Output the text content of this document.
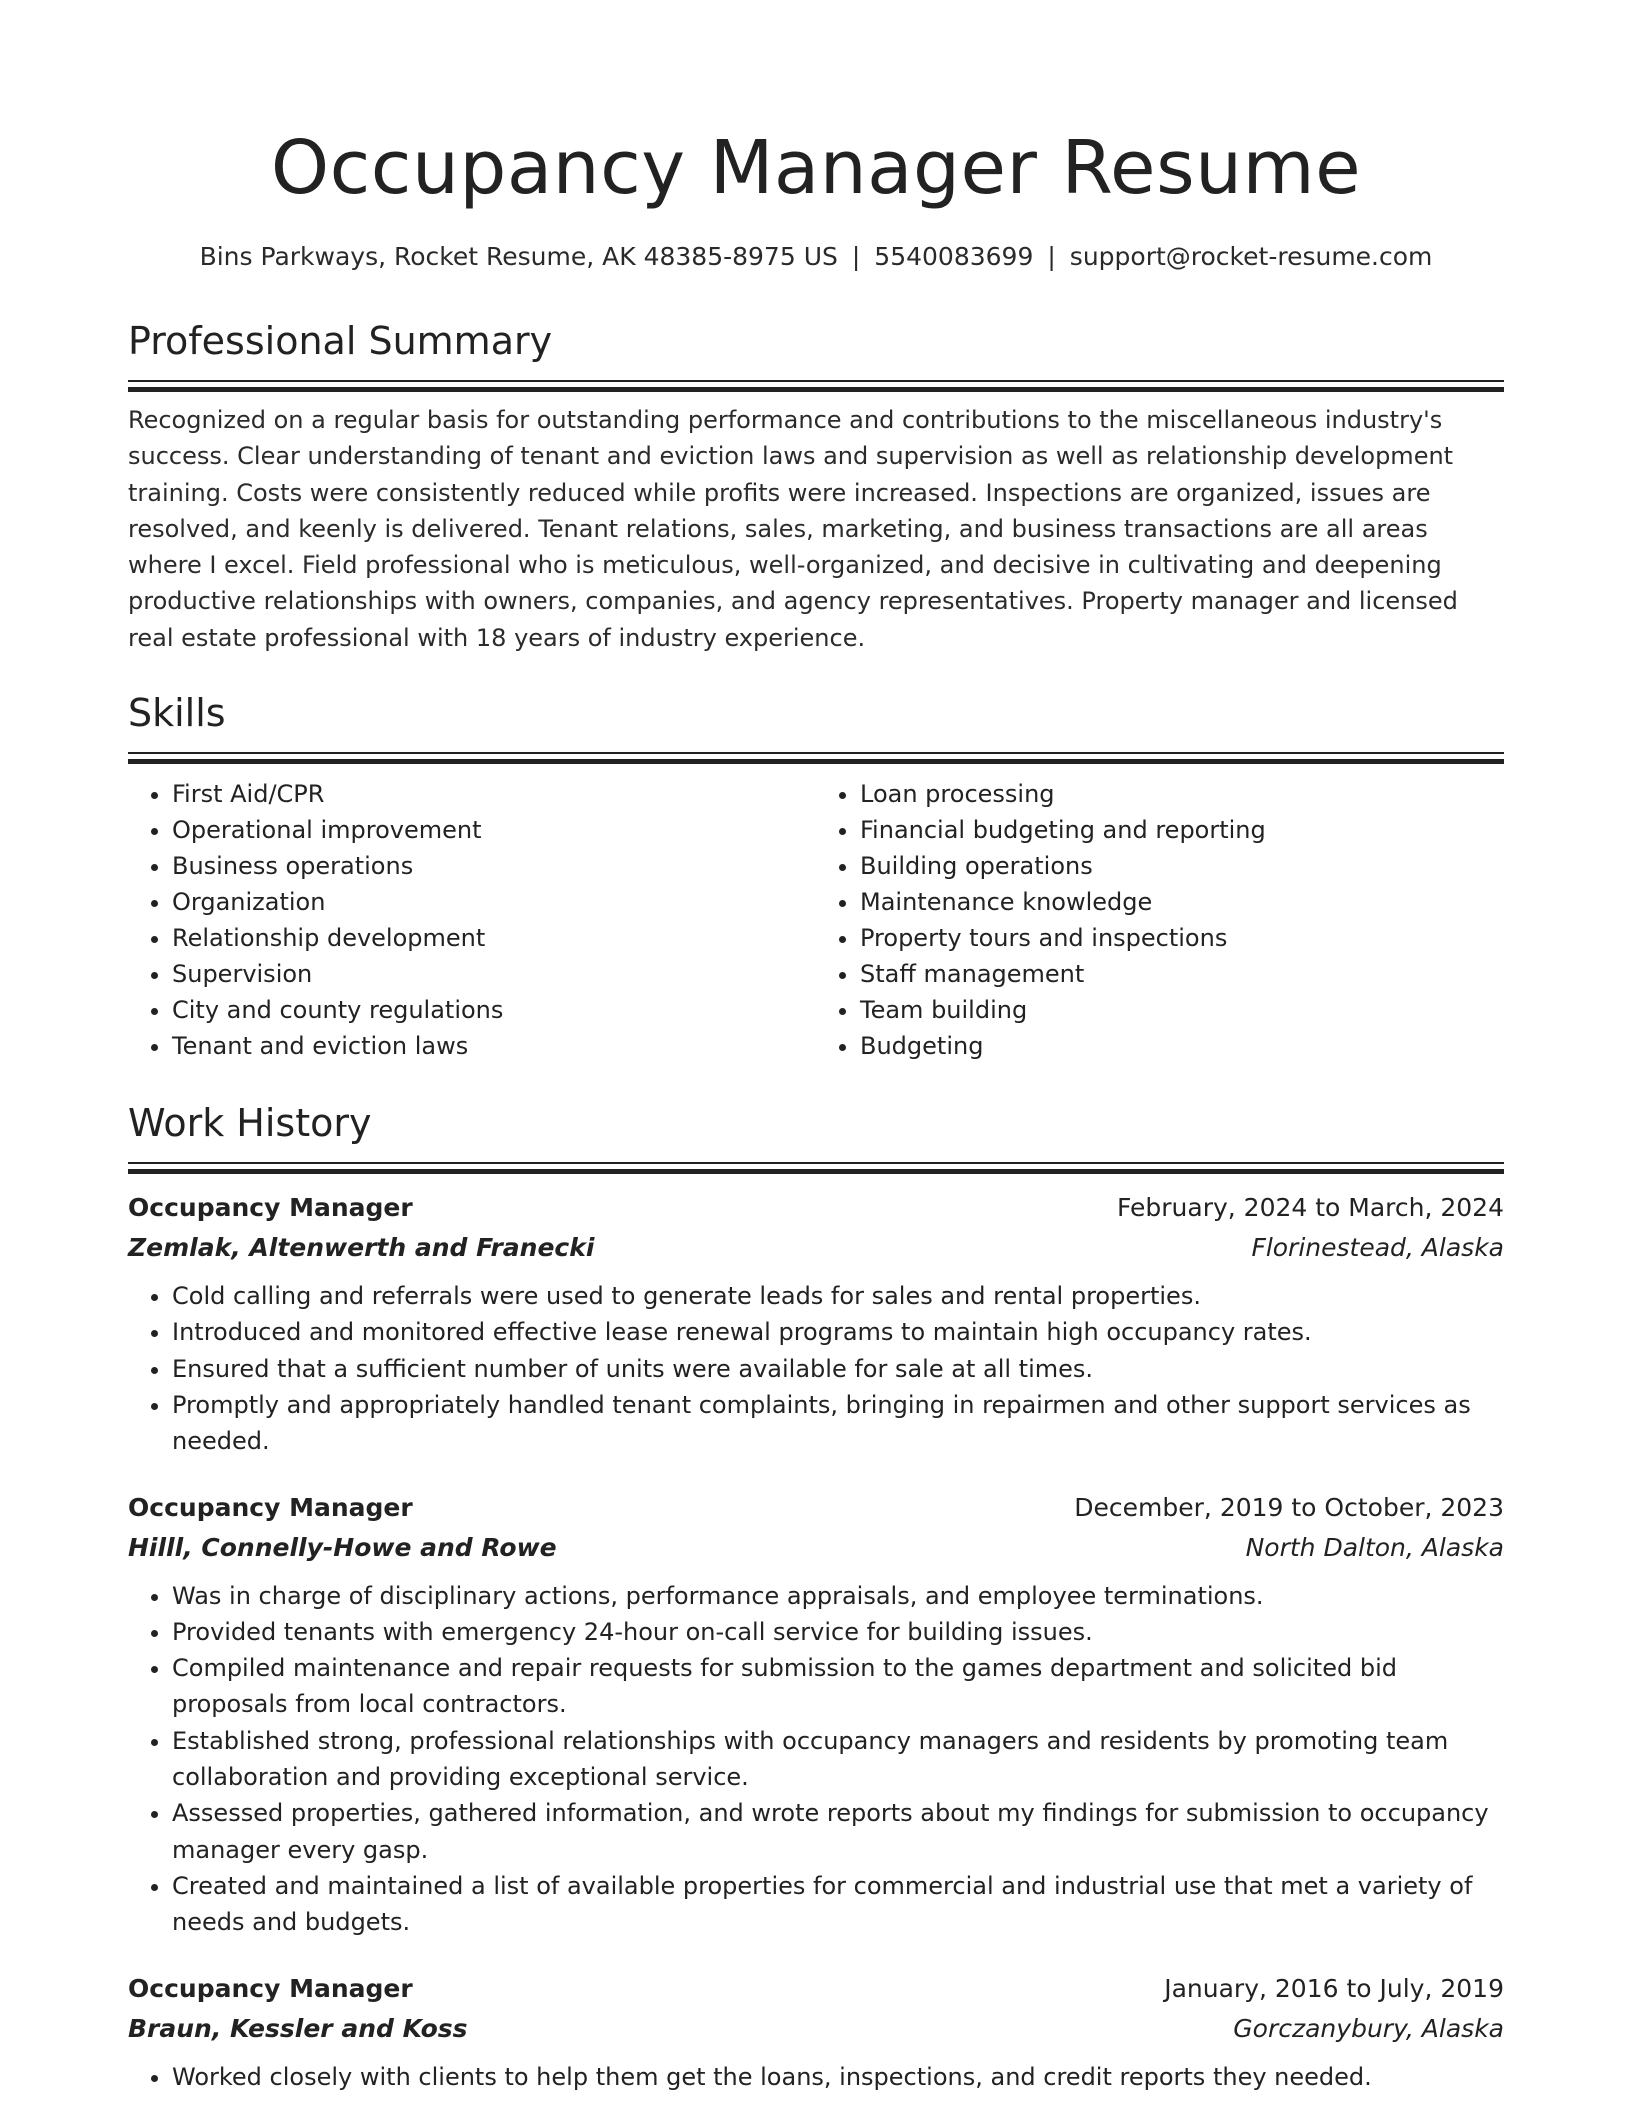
Occupancy Manager Resume
Bins Parkways, Rocket Resume, AK 48385-8975 US | 5540083699 | support@rocket-resume.com
Professional Summary

Recognized on a regular basis for outstanding performance and contributions to the miscellaneous industry's success. Clear understanding of tenant and eviction laws and supervision as well as relationship development training. Costs were consistently reduced while profits were increased. Inspections are organized, issues are resolved, and keenly is delivered. Tenant relations, sales, marketing, and business transactions are all areas where I excel. Field professional who is meticulous, well-organized, and decisive in cultivating and deepening productive relationships with owners, companies, and agency representatives. Property manager and licensed real estate professional with 18 years of industry experience.

Skills
• First Aid/CPR
• Operational improvement
• Business operations
• Organization
• Relationship development
• Supervision
• City and county regulations
• Tenant and eviction laws
• Loan processing
• Financial budgeting and reporting
• Building operations
• Maintenance knowledge
• Property tours and inspections
• Staff management
• Team building
• Budgeting
Work History
Occupancy Manager	February, 2024 to March, 2024
Zemlak, Altenwerth and Franecki	Florinestead, Alaska
• Cold calling and referrals were used to generate leads for sales and rental properties.
• Introduced and monitored effective lease renewal programs to maintain high occupancy rates.
• Ensured that a sufficient number of units were available for sale at all times.
• Promptly and appropriately handled tenant complaints, bringing in repairmen and other support services as needed.
Occupancy Manager	December, 2019 to October, 2023
Hilll, Connelly-Howe and Rowe	North Dalton, Alaska
• Was in charge of disciplinary actions, performance appraisals, and employee terminations.
• Provided tenants with emergency 24-hour on-call service for building issues.
• Compiled maintenance and repair requests for submission to the games department and solicited bid proposals from local contractors.
• Established strong, professional relationships with occupancy managers and residents by promoting team collaboration and providing exceptional service.
• Assessed properties, gathered information, and wrote reports about my findings for submission to occupancy manager every gasp.
• Created and maintained a list of available properties for commercial and industrial use that met a variety of needs and budgets.
Occupancy Manager	January, 2016 to July, 2019
Braun, Kessler and Koss	Gorczanybury, Alaska
• Worked closely with clients to help them get the loans, inspections, and credit reports they needed.
